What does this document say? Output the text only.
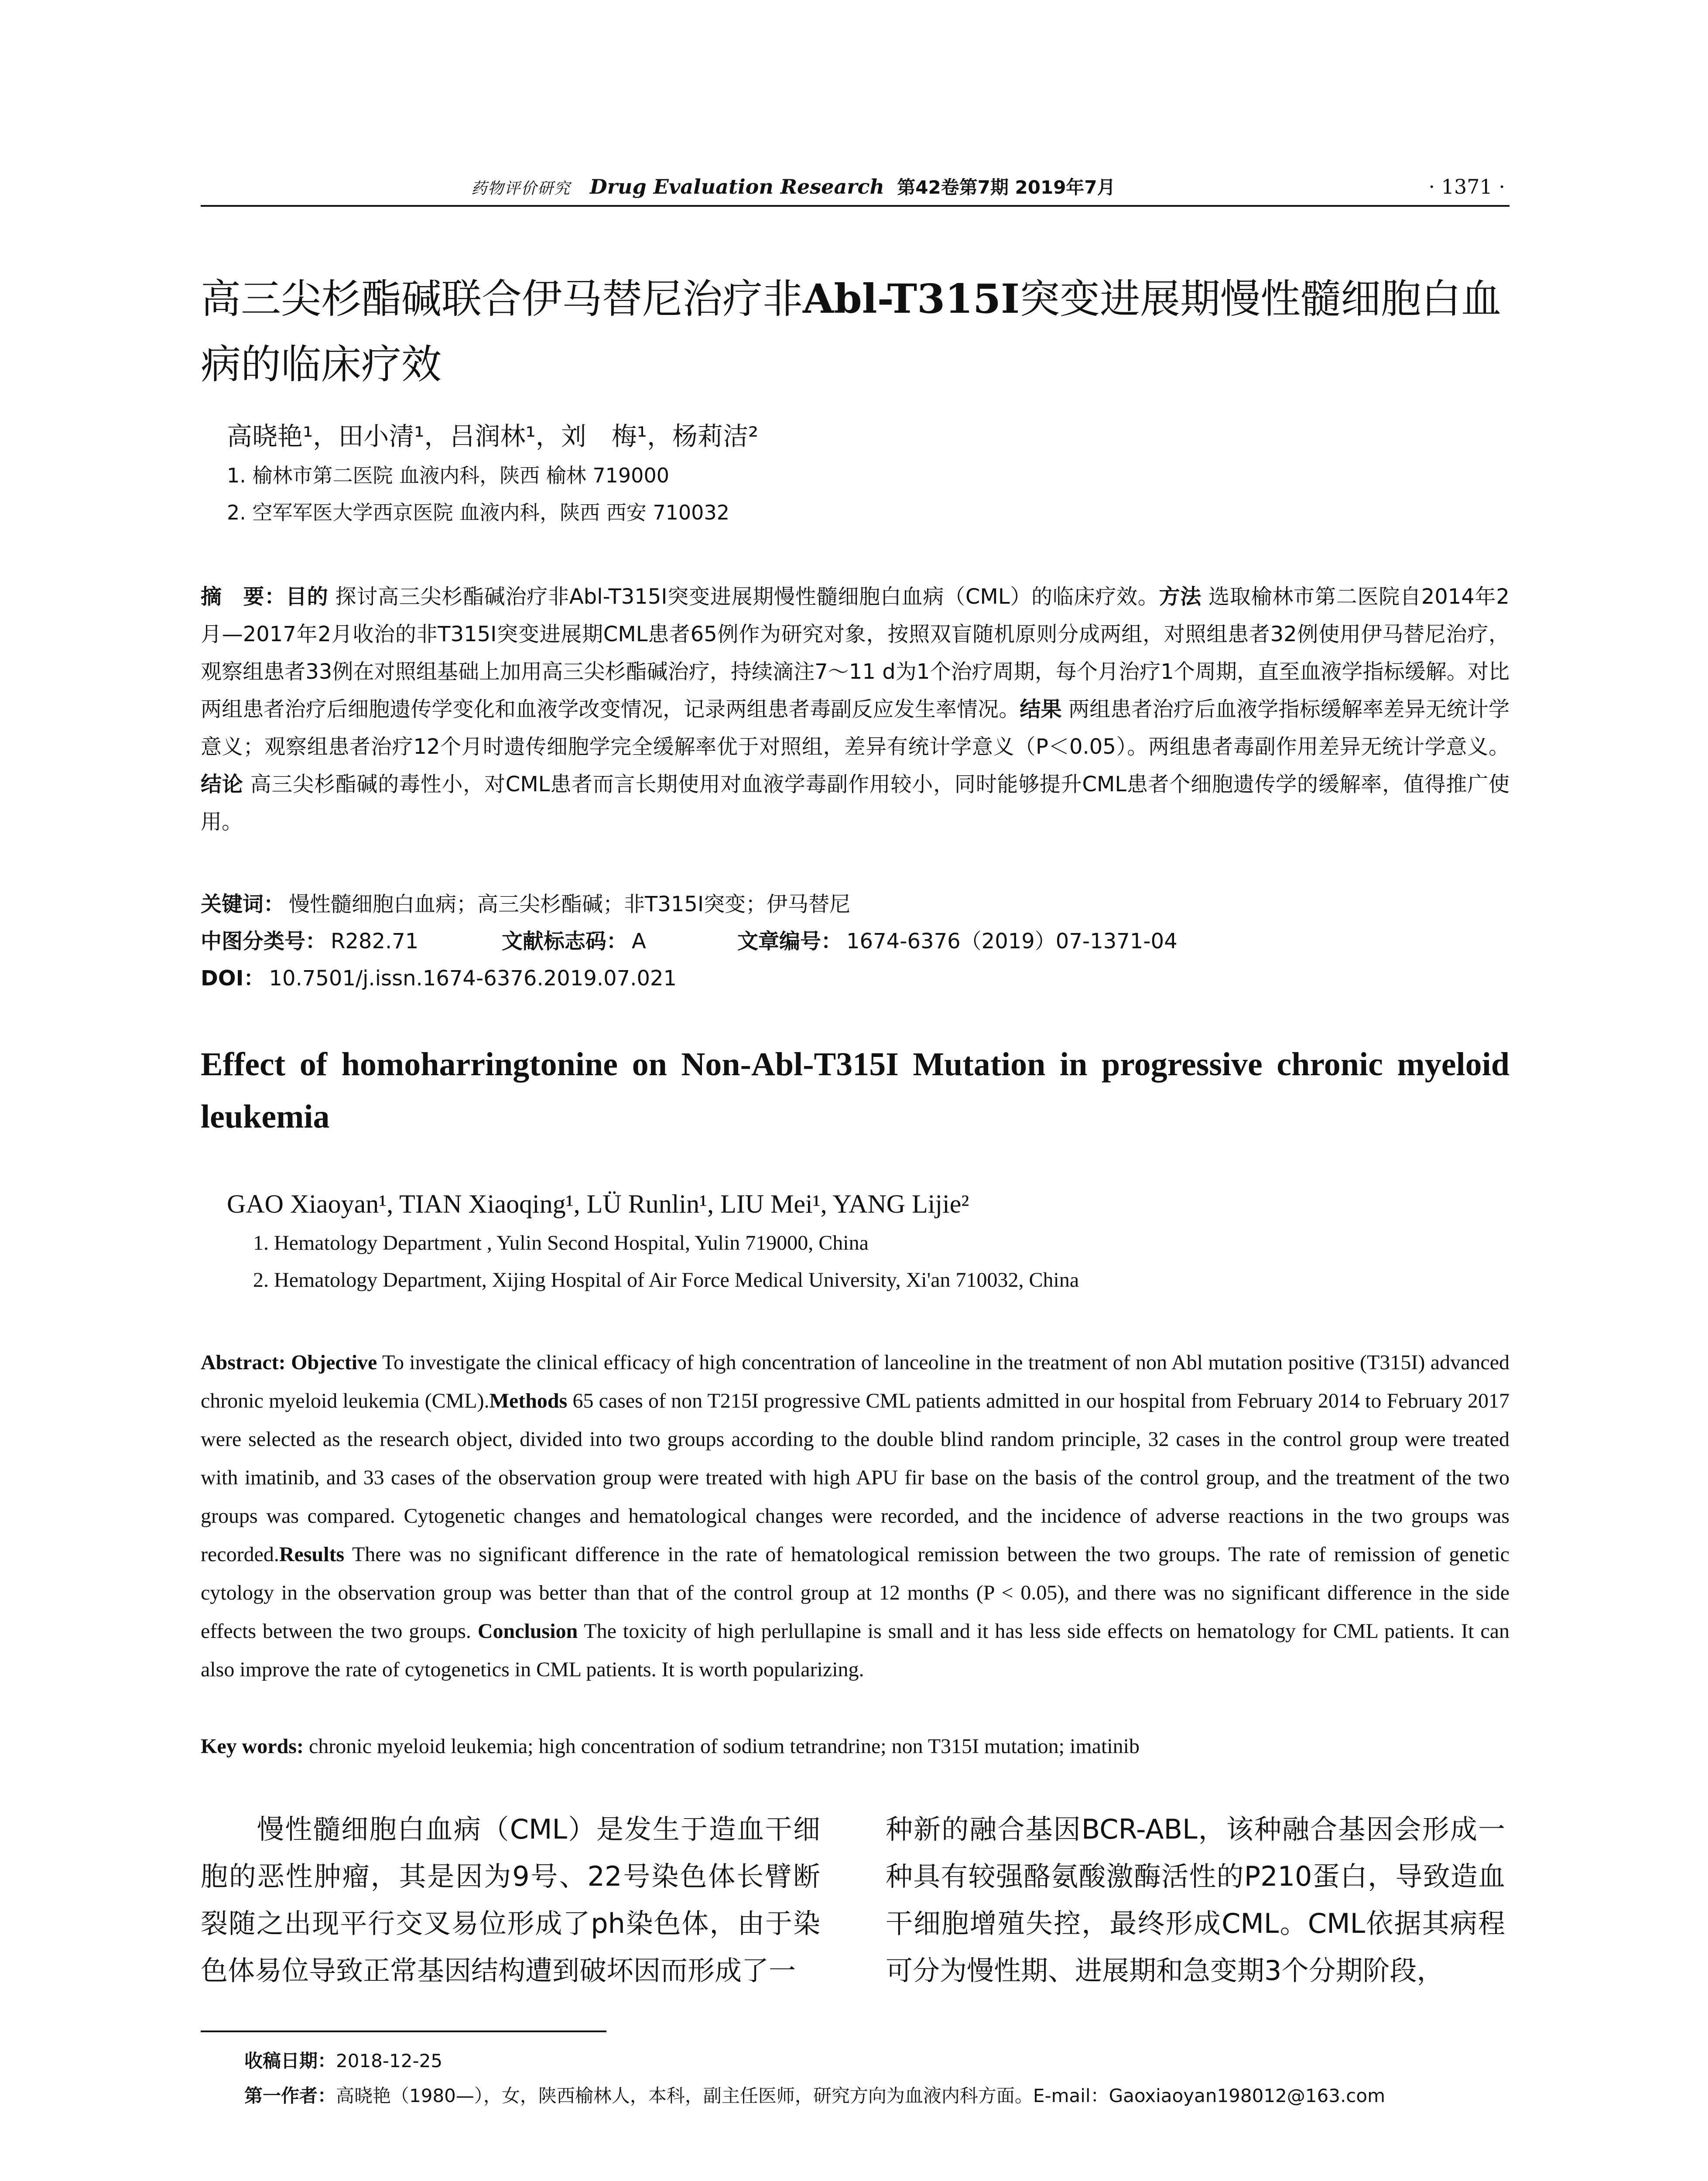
药物评价研究 Drug Evaluation Research 第42卷第7期 2019年7月	· 1371 ·
高三尖杉酯碱联合伊马替尼治疗非Abl-T315I突变进展期慢性髓细胞白血
病的临床疗效
高晓艳¹，田小清¹，吕润林¹，刘　梅¹，杨莉洁²
1. 榆林市第二医院 血液内科，陕西 榆林 719000
2. 空军军医大学西京医院 血液内科，陕西 西安 710032
摘　要：目的 探讨高三尖杉酯碱治疗非Abl-T315I突变进展期慢性髓细胞白血病（CML）的临床疗效。方法 选取榆林市第二医院自2014年2月—2017年2月收治的非T315I突变进展期CML患者65例作为研究对象，按照双盲随机原则分成两组，对照组患者32例使用伊马替尼治疗，观察组患者33例在对照组基础上加用高三尖杉酯碱治疗，持续滴注7～11 d为1个治疗周期，每个月治疗1个周期，直至血液学指标缓解。对比两组患者治疗后细胞遗传学变化和血液学改变情况，记录两组患者毒副反应发生率情况。结果 两组患者治疗后血液学指标缓解率差异无统计学意义；观察组患者治疗12个月时遗传细胞学完全缓解率优于对照组，差异有统计学意义（P＜0.05）。两组患者毒副作用差异无统计学意义。结论 高三尖杉酯碱的毒性小，对CML患者而言长期使用对血液学毒副作用较小，同时能够提升CML患者个细胞遗传学的缓解率，值得推广使用。
关键词： 慢性髓细胞白血病；高三尖杉酯碱；非T315I突变；伊马替尼
中图分类号： R282.71	文献标志码： A	文章编号： 1674-6376（2019）07-1371-04
DOI： 10.7501/j.issn.1674-6376.2019.07.021
Effect of homoharringtonine on Non-Abl-T315I Mutation in progressive chronic myeloid leukemia
GAO Xiaoyan¹, TIAN Xiaoqing¹, LÜ Runlin¹, LIU Mei¹, YANG Lijie²
1. Hematology Department , Yulin Second Hospital, Yulin 719000, China
2. Hematology Department, Xijing Hospital of Air Force Medical University, Xi'an 710032, China
Abstract: Objective To investigate the clinical efficacy of high concentration of lanceoline in the treatment of non Abl mutation positive (T315I) advanced chronic myeloid leukemia (CML).Methods 65 cases of non T215I progressive CML patients admitted in our hospital from February 2014 to February 2017 were selected as the research object, divided into two groups according to the double blind random principle, 32 cases in the control group were treated with imatinib, and 33 cases of the observation group were treated with high APU fir base on the basis of the control group, and the treatment of the two groups was compared. Cytogenetic changes and hematological changes were recorded, and the incidence of adverse reactions in the two groups was recorded.Results There was no significant difference in the rate of hematological remission between the two groups. The rate of remission of genetic cytology in the observation group was better than that of the control group at 12 months (P < 0.05), and there was no significant difference in the side effects between the two groups. Conclusion The toxicity of high perlullapine is small and it has less side effects on hematology for CML patients. It can also improve the rate of cytogenetics in CML patients. It is worth popularizing.
Key words: chronic myeloid leukemia; high concentration of sodium tetrandrine; non T315I mutation; imatinib

　　慢性髓细胞白血病（CML）是发生于造血干细胞的恶性肿瘤，其是因为9号、22号染色体长臂断裂随之出现平行交叉易位形成了ph染色体，由于染色体易位导致正常基因结构遭到破坏因而形成了一

种新的融合基因BCR-ABL，该种融合基因会形成一种具有较强酪氨酸激酶活性的P210蛋白，导致造血干细胞增殖失控，最终形成CML。CML依据其病程可分为慢性期、进展期和急变期3个分期阶段，

收稿日期：2018-12-25
第一作者：高晓艳（1980—），女，陕西榆林人，本科，副主任医师，研究方向为血液内科方面。E-mail：Gaoxiaoyan198012@163.com
